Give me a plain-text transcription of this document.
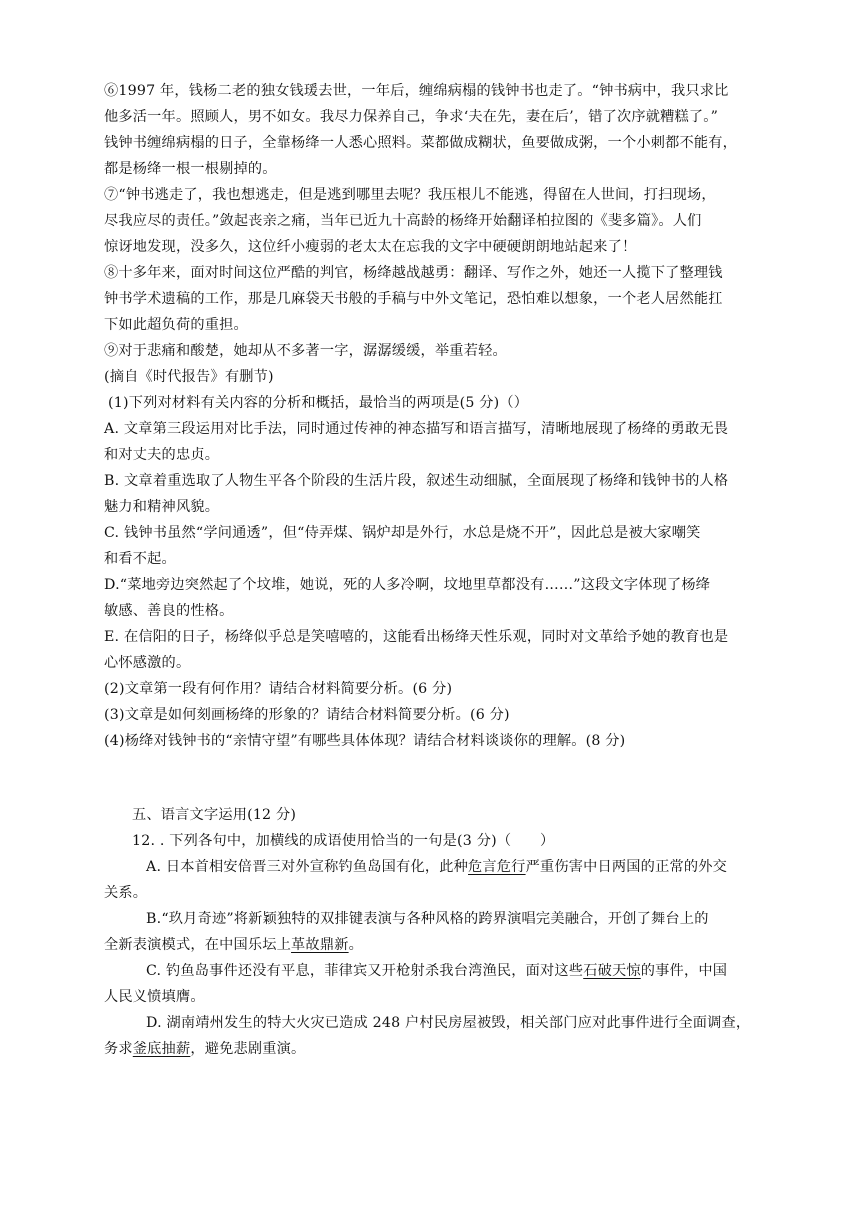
⑥1997 年，钱杨二老的独女钱瑗去世，一年后，缠绵病榻的钱钟书也走了。“钟书病中，我只求比
他多活一年。照顾人，男不如女。我尽力保养自己，争求‘夫在先，妻在后’，错了次序就糟糕了。”
钱钟书缠绵病榻的日子，全靠杨绛一人悉心照料。菜都做成糊状，鱼要做成粥，一个小刺都不能有，
都是杨绛一根一根剔掉的。
⑦“钟书逃走了，我也想逃走，但是逃到哪里去呢？我压根儿不能逃，得留在人世间，打扫现场，
尽我应尽的责任。”敛起丧亲之痛，当年已近九十高龄的杨绛开始翻译柏拉图的《斐多篇》。人们
惊讶地发现，没多久，这位纤小瘦弱的老太太在忘我的文字中硬硬朗朗地站起来了！
⑧十多年来，面对时间这位严酷的判官，杨绛越战越勇：翻译、写作之外，她还一人揽下了整理钱
钟书学术遗稿的工作，那是几麻袋天书般的手稿与中外文笔记，恐怕难以想象，一个老人居然能扛
下如此超负荷的重担。
⑨对于悲痛和酸楚，她却从不多著一字，潺潺缓缓，举重若轻。
(摘自《时代报告》有删节)
(1)下列对材料有关内容的分析和概括，最恰当的两项是(5 分)（）
A. 文章第三段运用对比手法，同时通过传神的神态描写和语言描写，清晰地展现了杨绛的勇敢无畏
和对丈夫的忠贞。
B. 文章着重选取了人物生平各个阶段的生活片段，叙述生动细腻，全面展现了杨绛和钱钟书的人格
魅力和精神风貌。
C. 钱钟书虽然“学问通透”，但“侍弄煤、锅炉却是外行，水总是烧不开”，因此总是被大家嘲笑
和看不起。
D.“菜地旁边突然起了个坟堆，她说，死的人多冷啊，坟地里草都没有……”这段文字体现了杨绛
敏感、善良的性格。
E. 在信阳的日子，杨绛似乎总是笑嘻嘻的，这能看出杨绛天性乐观，同时对文革给予她的教育也是
心怀感激的。
(2)文章第一段有何作用？请结合材料简要分析。(6 分)
(3)文章是如何刻画杨绛的形象的？请结合材料简要分析。(6 分)
(4)杨绛对钱钟书的“亲情守望”有哪些具体体现？请结合材料谈谈你的理解。(8 分)
五、语言文字运用(12 分)
12. . 下列各句中，加横线的成语使用恰当的一句是(3 分)（　　）
A. 日本首相安倍晋三对外宣称钓鱼岛国有化，此种危言危行严重伤害中日两国的正常的外交
关系。
B.“玖月奇迹”将新颖独特的双排键表演与各种风格的跨界演唱完美融合，开创了舞台上的
全新表演模式，在中国乐坛上革故鼎新。
C. 钓鱼岛事件还没有平息，菲律宾又开枪射杀我台湾渔民，面对这些石破天惊的事件，中国
人民义愤填膺。
D. 湖南靖州发生的特大火灾已造成 248 户村民房屋被毁，相关部门应对此事件进行全面调查，
务求釜底抽薪，避免悲剧重演。
